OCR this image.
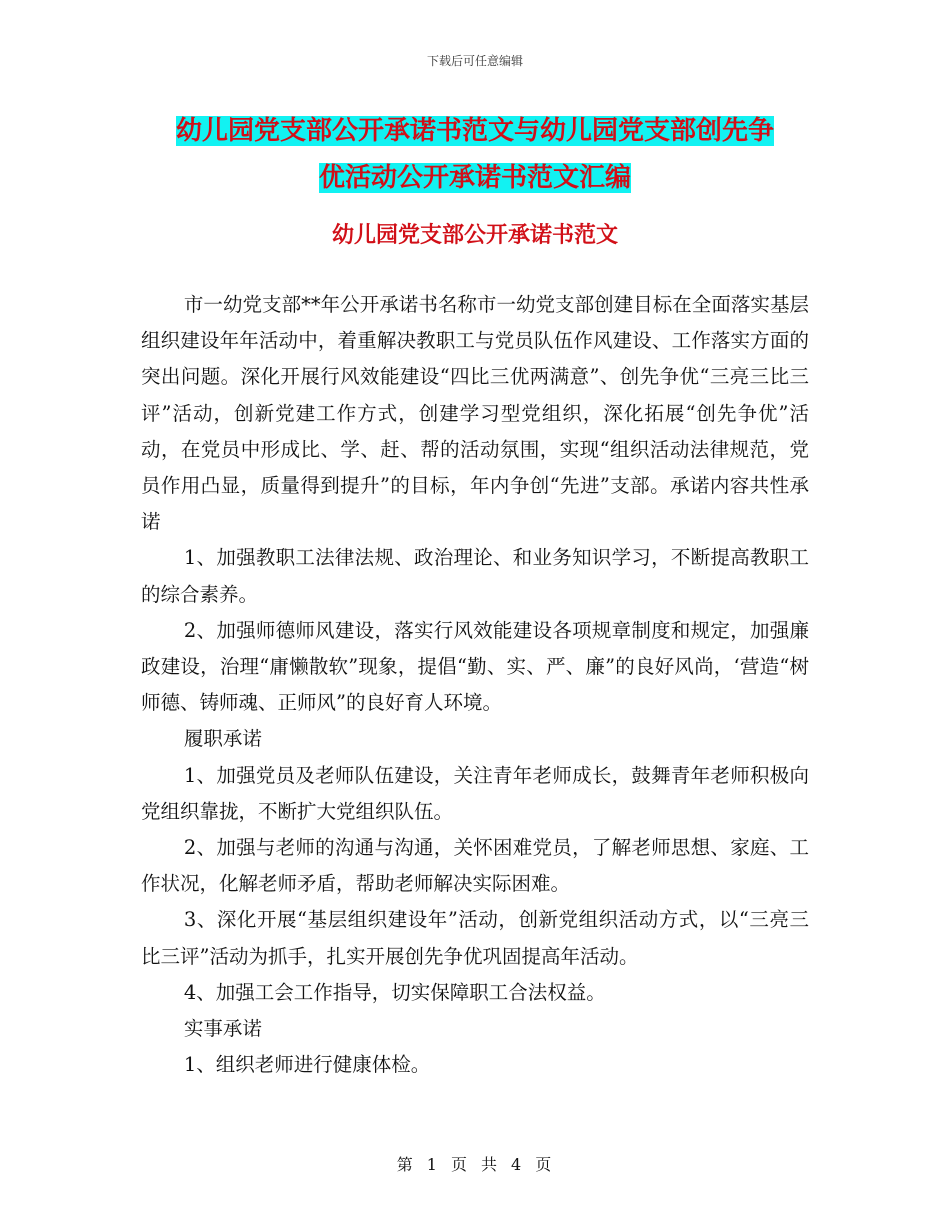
下载后可任意编辑
幼儿园党支部公开承诺书范文与幼儿园党支部创先争
优活动公开承诺书范文汇编
幼儿园党支部公开承诺书范文

市一幼党支部**年公开承诺书名称市一幼党支部创建目标在全面落实基层组织建设年年活动中，着重解决教职工与党员队伍作风建设、工作落实方面的突出问题。深化开展行风效能建设“四比三优两满意”、创先争优“三亮三比三评”活动，创新党建工作方式，创建学习型党组织，深化拓展“创先争优”活动，在党员中形成比、学、赶、帮的活动氛围，实现“组织活动法律规范，党员作用凸显，质量得到提升”的目标，年内争创“先进”支部。承诺内容共性承诺

1、加强教职工法律法规、政治理论、和业务知识学习，不断提高教职工的综合素养。

2、加强师德师风建设，落实行风效能建设各项规章制度和规定，加强廉政建设，治理“庸懒散软”现象，提倡“勤、实、严、廉”的良好风尚，‘营造“树师德、铸师魂、正师风”的良好育人环境。

履职承诺

1、加强党员及老师队伍建设，关注青年老师成长，鼓舞青年老师积极向党组织靠拢，不断扩大党组织队伍。

2、加强与老师的沟通与沟通，关怀困难党员，了解老师思想、家庭、工作状况，化解老师矛盾，帮助老师解决实际困难。

3、深化开展“基层组织建设年”活动，创新党组织活动方式，以“三亮三比三评”活动为抓手，扎实开展创先争优巩固提高年活动。

4、加强工会工作指导，切实保障职工合法权益。

实事承诺

1、组织老师进行健康体检。

第 1 页 共 4 页
